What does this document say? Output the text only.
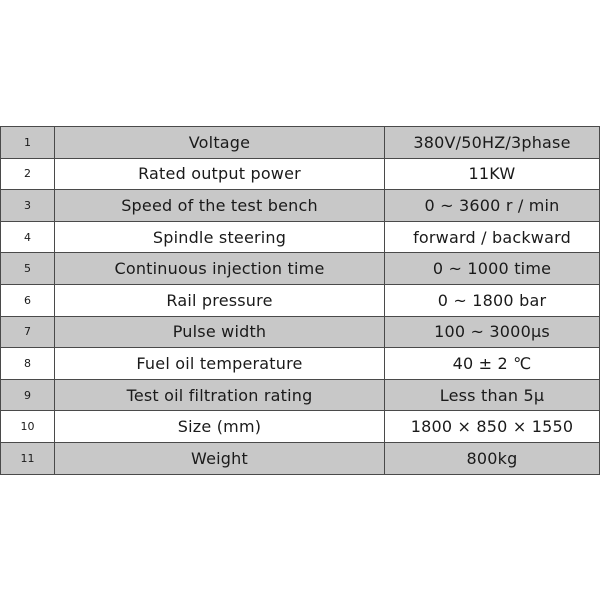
1	Voltage	380V/50HZ/3phase
2	Rated output power	11KW
3	Speed of the test bench	0 ~ 3600 r / min
4	Spindle steering	forward / backward
5	Continuous injection time	0 ~ 1000 time
6	Rail pressure	0 ~ 1800 bar
7	Pulse width	100 ~ 3000μs
8	Fuel oil temperature	40 ± 2 ℃
9	Test oil filtration rating	Less than 5μ
10	Size (mm)	1800 × 850 × 1550
11	Weight	800kg
